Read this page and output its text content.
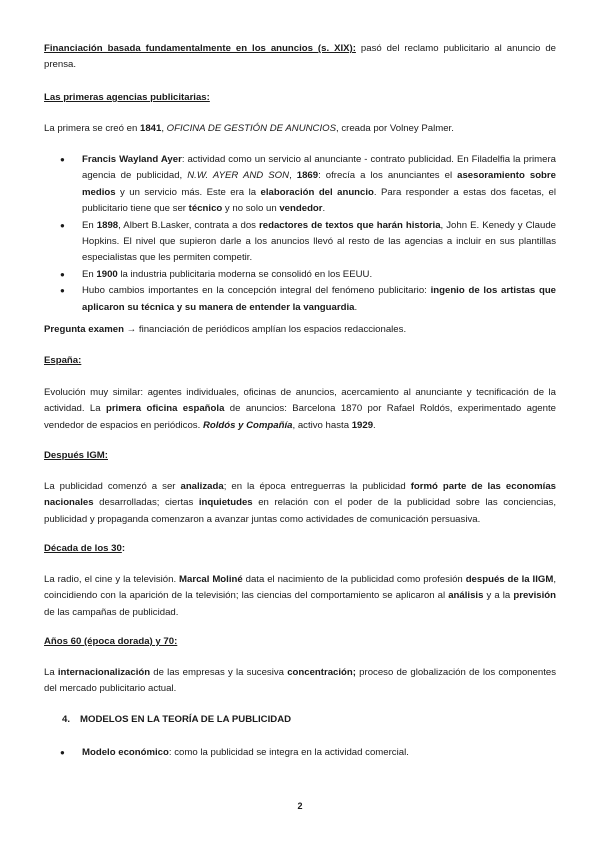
Financiación basada fundamentalmente en los anuncios (s. XIX): pasó del reclamo publicitario al anuncio de prensa.
Las primeras agencias publicitarias:
La primera se creó en 1841, OFICINA DE GESTIÓN DE ANUNCIOS, creada por Volney Palmer.
● Francis Wayland Ayer: actividad como un servicio al anunciante - contrato publicidad. En Filadelfia la primera agencia de publicidad, N.W. AYER AND SON, 1869: ofrecía a los anunciantes el asesoramiento sobre medios y un servicio más. Este era la elaboración del anuncio. Para responder a estas dos facetas, el publicitario tiene que ser técnico y no solo un vendedor.
● En 1898, Albert B.Lasker, contrata a dos redactores de textos que harán historia, John E. Kenedy y Claude Hopkins. El nivel que supieron darle a los anuncios llevó al resto de las agencias a incluir en sus plantillas especialistas que les permiten competir.
● En 1900 la industria publicitaria moderna se consolidó en los EEUU.
● Hubo cambios importantes en la concepción integral del fenómeno publicitario: ingenio de los artistas que aplicaron su técnica y su manera de entender la vanguardia.
Pregunta examen → financiación de periódicos amplían los espacios redaccionales.
España:
Evolución muy similar: agentes individuales, oficinas de anuncios, acercamiento al anunciante y tecnificación de la actividad. La primera oficina española de anuncios: Barcelona 1870 por Rafael Roldós, experimentado agente vendedor de espacios en periódicos. Roldós y Compañía, activo hasta 1929.
Después IGM:
La publicidad comenzó a ser analizada; en la época entreguerras la publicidad formó parte de las economías nacionales desarrolladas; ciertas inquietudes en relación con el poder de la publicidad sobre las conciencias, publicidad y propaganda comenzaron a avanzar juntas como actividades de comunicación persuasiva.
Década de los 30:
La radio, el cine y la televisión. Marcal Moliné data el nacimiento de la publicidad como profesión después de la IIGM, coincidiendo con la aparición de la televisión; las ciencias del comportamiento se aplicaron al análisis y a la previsión de las campañas de publicidad.
Años 60 (época dorada) y 70:
La internacionalización de las empresas y la sucesiva concentración; proceso de globalización de los componentes del mercado publicitario actual.
4. MODELOS EN LA TEORÍA DE LA PUBLICIDAD
● Modelo económico: como la publicidad se integra en la actividad comercial.
2
